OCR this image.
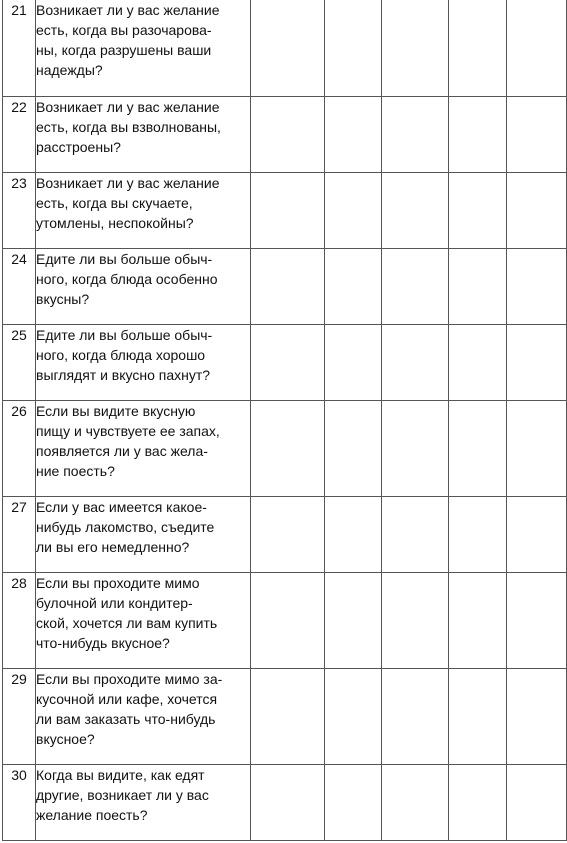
21	Возникает ли у вас желание
есть, когда вы разочарова-
ны, когда разрушены ваши
надежды?					

22	Возникает ли у вас желание
есть, когда вы взволнованы,
расстроены?					

23	Возникает ли у вас желание
есть, когда вы скучаете,
утомлены, неспокойны?					

24	Едите ли вы больше обыч-
ного, когда блюда особенно
вкусны?					

25	Едите ли вы больше обыч-
ного, когда блюда хорошо
выглядят и вкусно пахнут?					

26	Если вы видите вкусную
пищу и чувствуете ее запах,
появляется ли у вас жела-
ние поесть?					

27	Если у вас имеется какое-
нибудь лакомство, съедите
ли вы его немедленно?					

28	Если вы проходите мимо
булочной или кондитер-
ской, хочется ли вам купить
что-нибудь вкусное?					

29	Если вы проходите мимо за-
кусочной или кафе, хочется
ли вам заказать что-нибудь
вкусное?					

30	Когда вы видите, как едят
другие, возникает ли у вас
желание поесть?					
